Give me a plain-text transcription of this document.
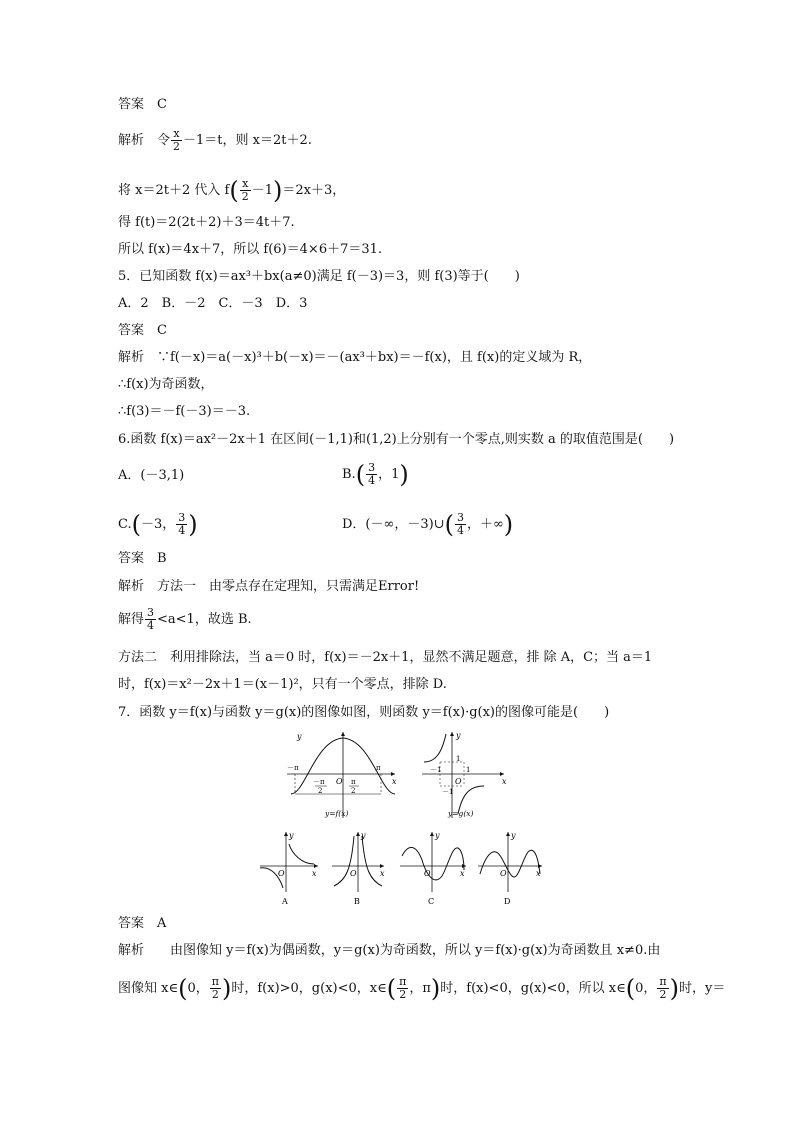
答案　C
解析　令 $\frac{x}{2} -1=t$，则 x＝2t＋2.
将 x＝2t＋2 代入 $f( \frac{x}{2} -1)=2x+3$，
得 f(t)＝2(2t＋2)＋3＝4t＋7.
所以 f(x)＝4x＋7，所以 f(6)＝4×6＋7＝31.
5．已知函数 f(x)＝ax³＋bx(a≠0)满足 f(－3)＝3，则 f(3)等于(　　)
A．2　B．－2　C．－3　D．3
答案　C
解析　∵f(－x)＝a(－x)³＋b(－x)＝－(ax³＋bx)＝－f(x)，且 f(x)的定义域为 R，
∴f(x)为奇函数，
∴f(3)＝－f(－3)＝－3.
6.函数 f(x)＝ax²－2x＋1 在区间(－1,1)和(1,2)上分别有一个零点,则实数 a 的取值范围是(　　)
A．(－3,1)	$B.( \frac{3}{4}$ ，1)
C.(－3， $\frac{3}{4}$ )	D．(－∞，－3)∪( $\frac{3}{4}$ ，＋∞)
答案　B
解析　方法一　由零点存在定理知，只需满足Error!
解得 $\frac{3}{4} <a<1$，故选 B.
方法二　利用排除法，当 a＝0 时，f(x)＝－2x＋1，显然不满足题意，排 除 A，C；当 a＝1
时，f(x)＝x²－2x＋1＝(x－1)²，只有一个零点，排除 D.
7．函数 y＝f(x)与函数 y＝g(x)的图像如图，则函数 y＝f(x)·g(x)的图像可能是(　　)
y
x
O
－π	π
－π
2
π
2
y=f(x)
y
x
O
1
－1
1
－1
y=g(x)
y
x
O
A
y
x
O
B
y
x
O
C
y
x
O
D
答案　A
解析　　由图像知 y＝f(x)为偶函数，y＝g(x)为奇函数，所以 y＝f(x)·g(x)为奇函数且 x≠0.由
图像知 x∈(0， $\frac{\pi}{2}$ )时，f(x)>0，g(x)<0，x∈( $\frac{\pi}{2}$ ，π)时，f(x)<0，g(x)<0，所以 x∈(0， $\frac{\pi}{2}$ )时，y＝
